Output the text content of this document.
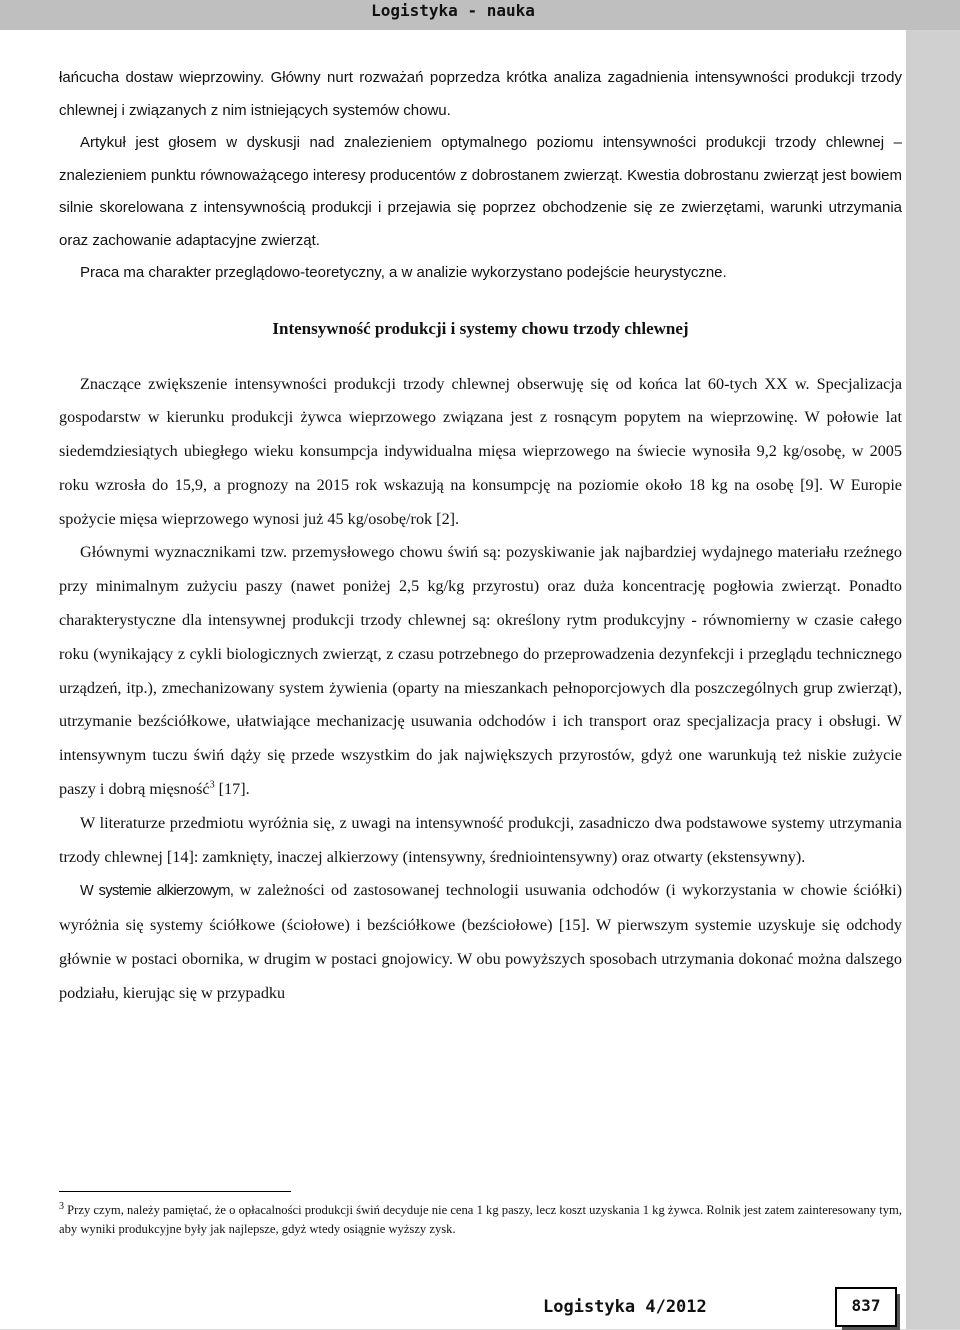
Logistyka - nauka

łańcucha dostaw wieprzowiny. Główny nurt rozważań poprzedza krótka analiza zagadnienia intensywności produkcji trzody chlewnej i związanych z nim istniejących systemów chowu.

Artykuł jest głosem w dyskusji nad znalezieniem optymalnego poziomu intensywności produkcji trzody chlewnej – znalezieniem punktu równoważącego interesy producentów z dobrostanem zwierząt. Kwestia dobrostanu zwierząt jest bowiem silnie skorelowana z intensywnością produkcji i przejawia się poprzez obchodzenie się ze zwierzętami, warunki utrzymania oraz zachowanie adaptacyjne zwierząt.

Praca ma charakter przeglądowo-teoretyczny, a w analizie wykorzystano podejście heurystyczne.

Intensywność produkcji i systemy chowu trzody chlewnej

Znaczące zwiększenie intensywności produkcji trzody chlewnej obserwuję się od końca lat 60-tych XX w. Specjalizacja gospodarstw w kierunku produkcji żywca wieprzowego związana jest z rosnącym popytem na wieprzowinę. W połowie lat siedemdziesiątych ubiegłego wieku konsumpcja indywidualna mięsa wieprzowego na świecie wynosiła 9,2 kg/osobę, w 2005 roku wzrosła do 15,9, a prognozy na 2015 rok wskazują na konsumpcję na poziomie około 18 kg na osobę [9]. W Europie spożycie mięsa wieprzowego wynosi już 45 kg/osobę/rok [2].

Głównymi wyznacznikami tzw. przemysłowego chowu świń są: pozyskiwanie jak najbardziej wydajnego materiału rzeźnego przy minimalnym zużyciu paszy (nawet poniżej 2,5 kg/kg przyrostu) oraz duża koncentrację pogłowia zwierząt. Ponadto charakterystyczne dla intensywnej produkcji trzody chlewnej są: określony rytm produkcyjny - równomierny w czasie całego roku (wynikający z cykli biologicznych zwierząt, z czasu potrzebnego do przeprowadzenia dezynfekcji i przeglądu technicznego urządzeń, itp.), zmechanizowany system żywienia (oparty na mieszankach pełnoporcjowych dla poszczególnych grup zwierząt), utrzymanie bezściółkowe, ułatwiające mechanizację usuwania odchodów i ich transport oraz specjalizacja pracy i obsługi. W intensywnym tuczu świń dąży się przede wszystkim do jak największych przyrostów, gdyż one warunkują też niskie zużycie paszy i dobrą mięsność$^3$ [17].

W literaturze przedmiotu wyróżnia się, z uwagi na intensywność produkcji, zasadniczo dwa podstawowe systemy utrzymania trzody chlewnej [14]: zamknięty, inaczej alkierzowy (intensywny, średniointensywny) oraz otwarty (ekstensywny).

W systemie alkierzowym, w zależności od zastosowanej technologii usuwania odchodów (i wykorzystania w chowie ściółki) wyróżnia się systemy ściółkowe (ściołowe) i bezściółkowe (bezściołowe) [15]. W pierwszym systemie uzyskuje się odchody głównie w postaci obornika, w drugim w postaci gnojowicy. W obu powyższych sposobach utrzymania dokonać można dalszego podziału, kierując się w przypadku

$^3$ Przy czym, należy pamiętać, że o opłacalności produkcji świń decyduje nie cena 1 kg paszy, lecz koszt uzyskania 1 kg żywca. Rolnik jest zatem zainteresowany tym, aby wyniki produkcyjne były jak najlepsze, gdyż wtedy osiągnie wyższy zysk.

Logistyka 4/2012	837
